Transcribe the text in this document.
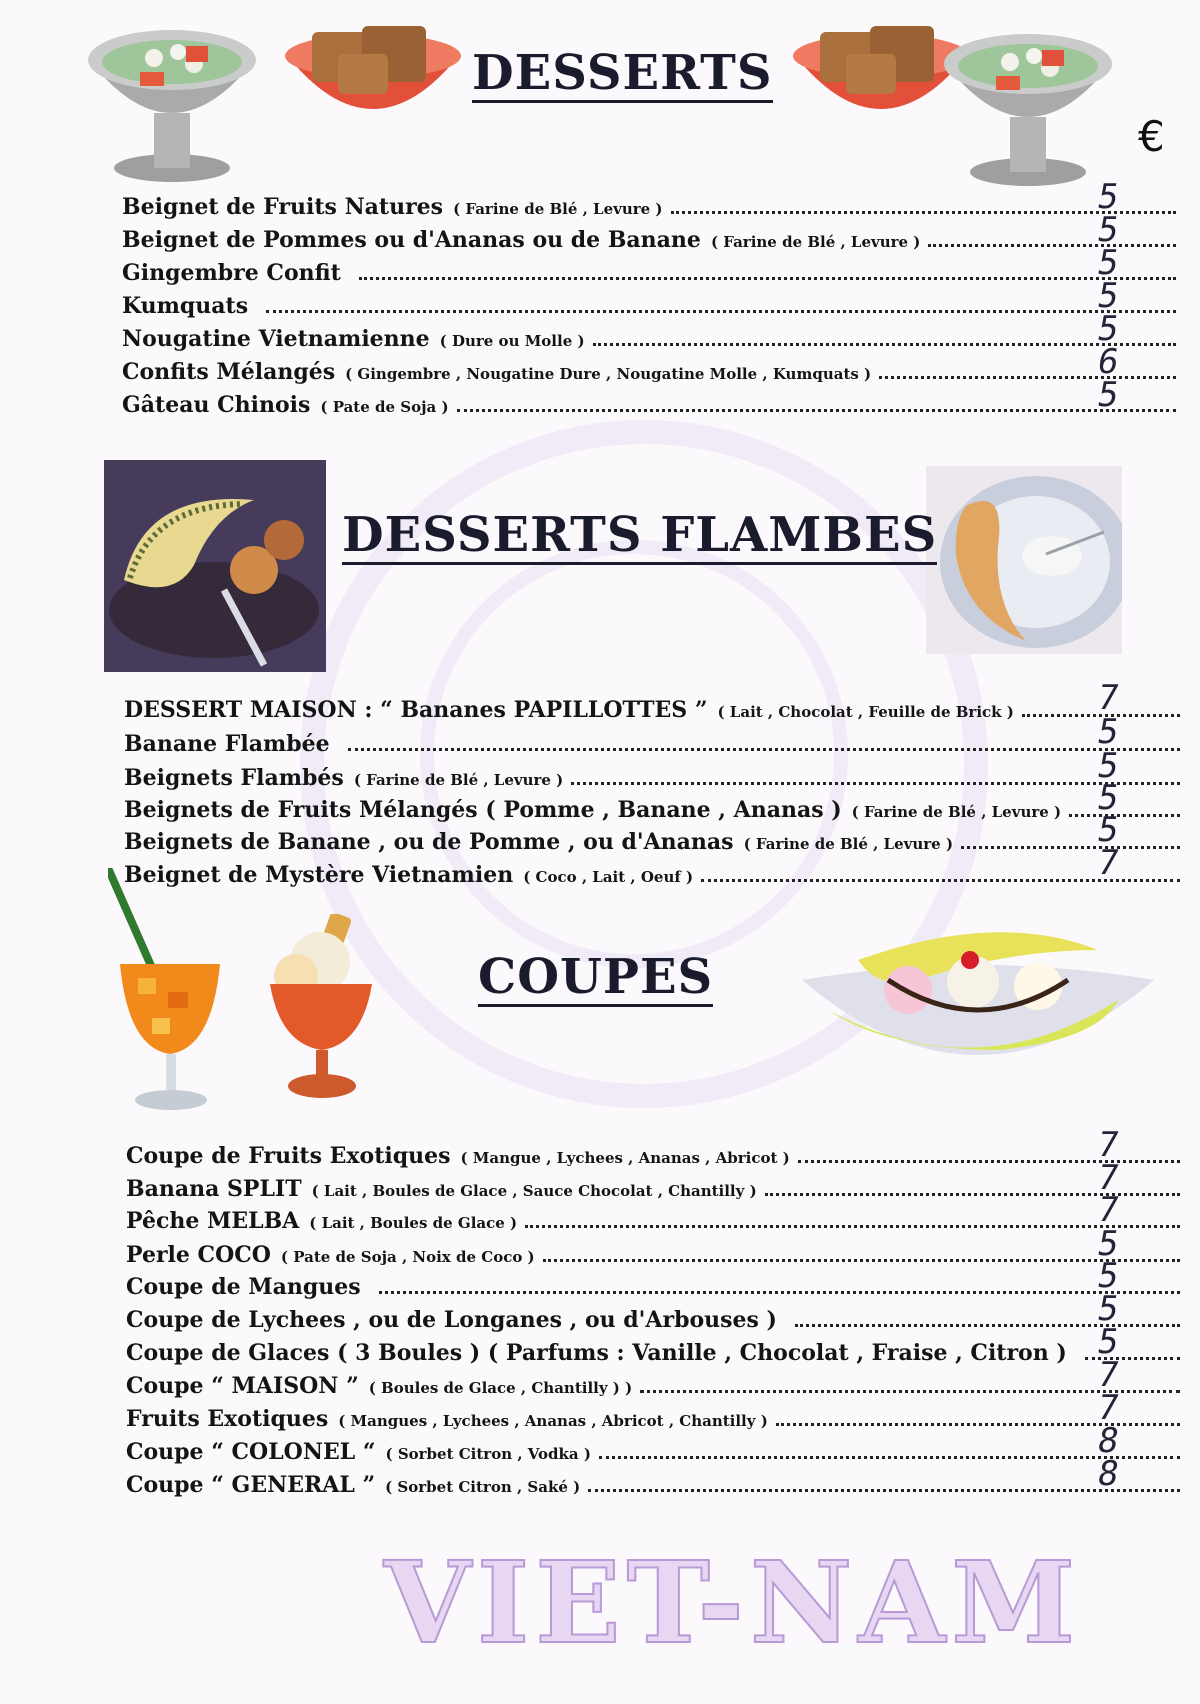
DESSERTS
€
Beignet de Fruits Natures ( Farine de Blé , Levure )	5
Beignet de Pommes ou d'Ananas ou de Banane ( Farine de Blé , Levure )	5
Gingembre Confit	5
Kumquats	5
Nougatine Vietnamienne ( Dure ou Molle )	5
Confits Mélangés ( Gingembre , Nougatine Dure , Nougatine Molle , Kumquats )	6
Gâteau Chinois ( Pate de Soja )	5
DESSERTS FLAMBES
DESSERT MAISON : “ Bananes PAPILLOTTES ” ( Lait , Chocolat , Feuille de Brick ) 7
Banane Flambée	5
Beignets Flambés ( Farine de Blé , Levure )	5
Beignets de Fruits Mélangés ( Pomme , Banane , Ananas ) ( Farine de Blé , Levure ) 5
Beignets de Banane , ou de Pomme , ou d'Ananas ( Farine de Blé , Levure )	5
Beignet de Mystère Vietnamien ( Coco , Lait , Oeuf )	7
COUPES
Coupe de Fruits Exotiques ( Mangue , Lychees , Ananas , Abricot )	7
Banana SPLIT ( Lait , Boules de Glace , Sauce Chocolat , Chantilly )	7
Pêche MELBA ( Lait , Boules de Glace )	7
Perle COCO ( Pate de Soja , Noix de Coco )	5
Coupe de Mangues	5
Coupe de Lychees , ou de Longanes , ou d'Arbouses )	5
Coupe de Glaces ( 3 Boules ) ( Parfums : Vanille , Chocolat , Fraise , Citron ) 5
Coupe “ MAISON ” ( Boules de Glace , Chantilly ) )	7
Fruits Exotiques ( Mangues , Lychees , Ananas , Abricot , Chantilly )	7
Coupe “ COLONEL “ ( Sorbet Citron , Vodka )	8
Coupe “ GENERAL ” ( Sorbet Citron , Saké )	8
VIET-NAM
